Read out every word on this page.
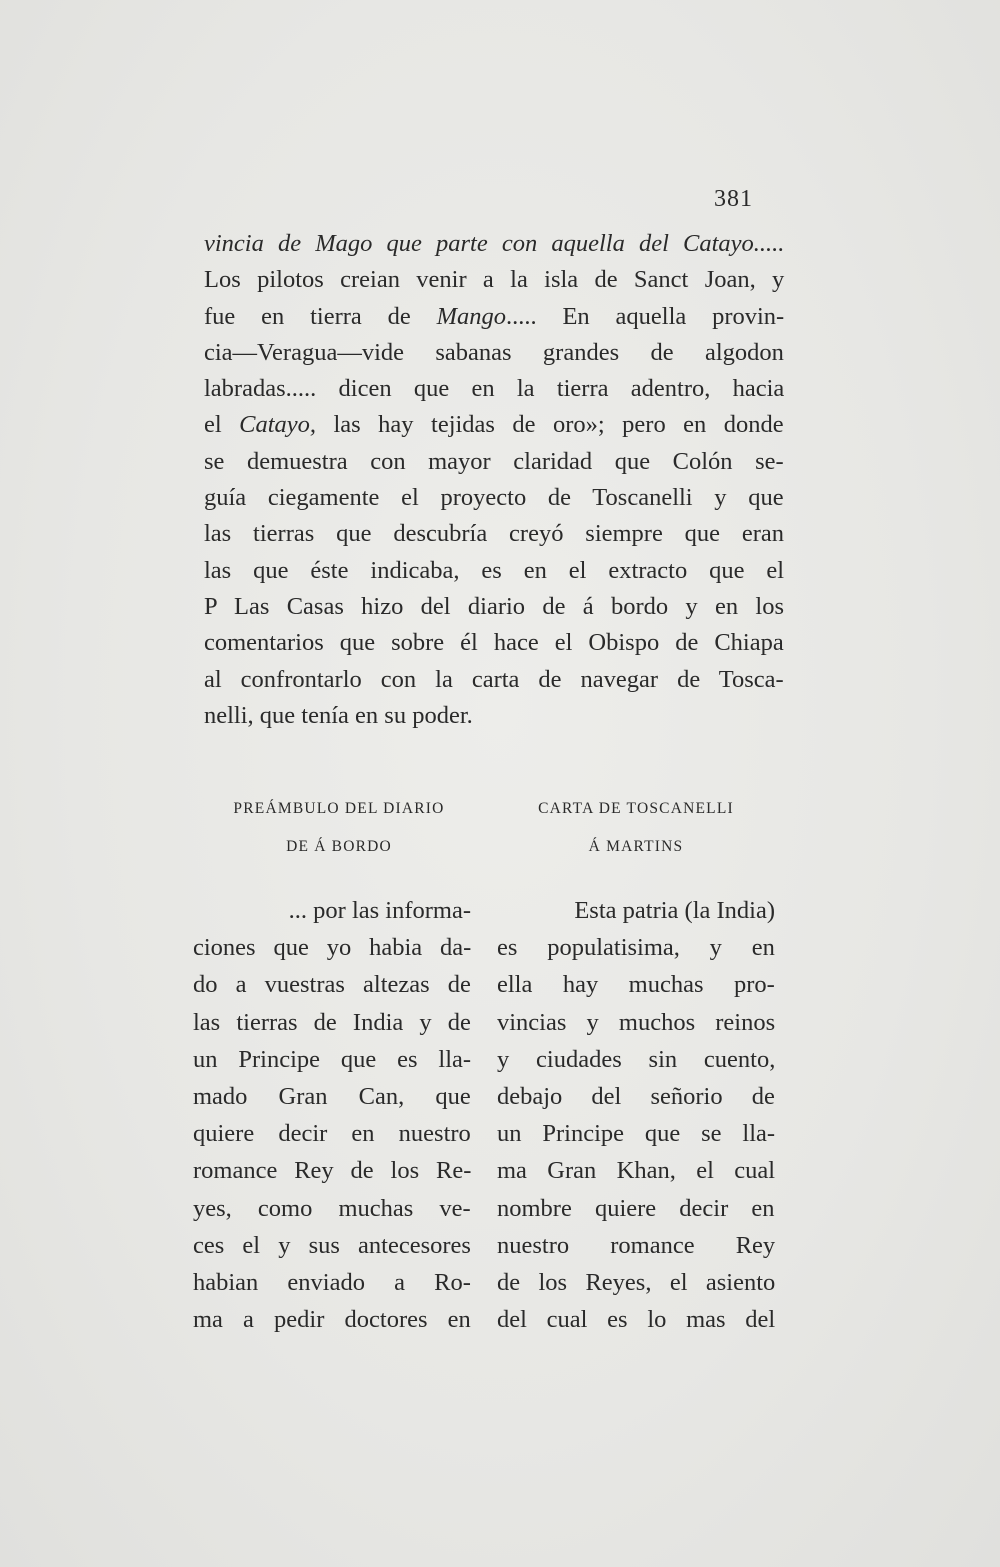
381
vincia de Mago que parte con aquella del Catayo.....
Los pilotos creian venir a la isla de Sanct Joan, y
fue en tierra de Mango..... En aquella provin-
cia—Veragua—vide sabanas grandes de algodon
labradas..... dicen que en la tierra adentro, hacia
el Catayo, las hay tejidas de oro»; pero en donde
se demuestra con mayor claridad que Colón se-
guía ciegamente el proyecto de Toscanelli y que
las tierras que descubría creyó siempre que eran
las que éste indicaba, es en el extracto que el
P Las Casas hizo del diario de á bordo y en los
comentarios que sobre él hace el Obispo de Chiapa
al confrontarlo con la carta de navegar de Tosca-
nelli, que tenía en su poder.
PREÁMBULO DEL DIARIO
DE Á BORDO
... por las informa-
ciones que yo habia da-
do a vuestras altezas de
las tierras de India y de
un Principe que es lla-
mado Gran Can, que
quiere decir en nuestro
romance Rey de los Re-
yes, como muchas ve-
ces el y sus antecesores
habian enviado a Ro-
ma a pedir doctores en
CARTA DE TOSCANELLI
Á MARTINS
Esta patria (la India)
es populatisima, y en
ella hay muchas pro-
vincias y muchos reinos
y ciudades sin cuento,
debajo del señorio de
un Principe que se lla-
ma Gran Khan, el cual
nombre quiere decir en
nuestro romance Rey
de los Reyes, el asiento
del cual es lo mas del
